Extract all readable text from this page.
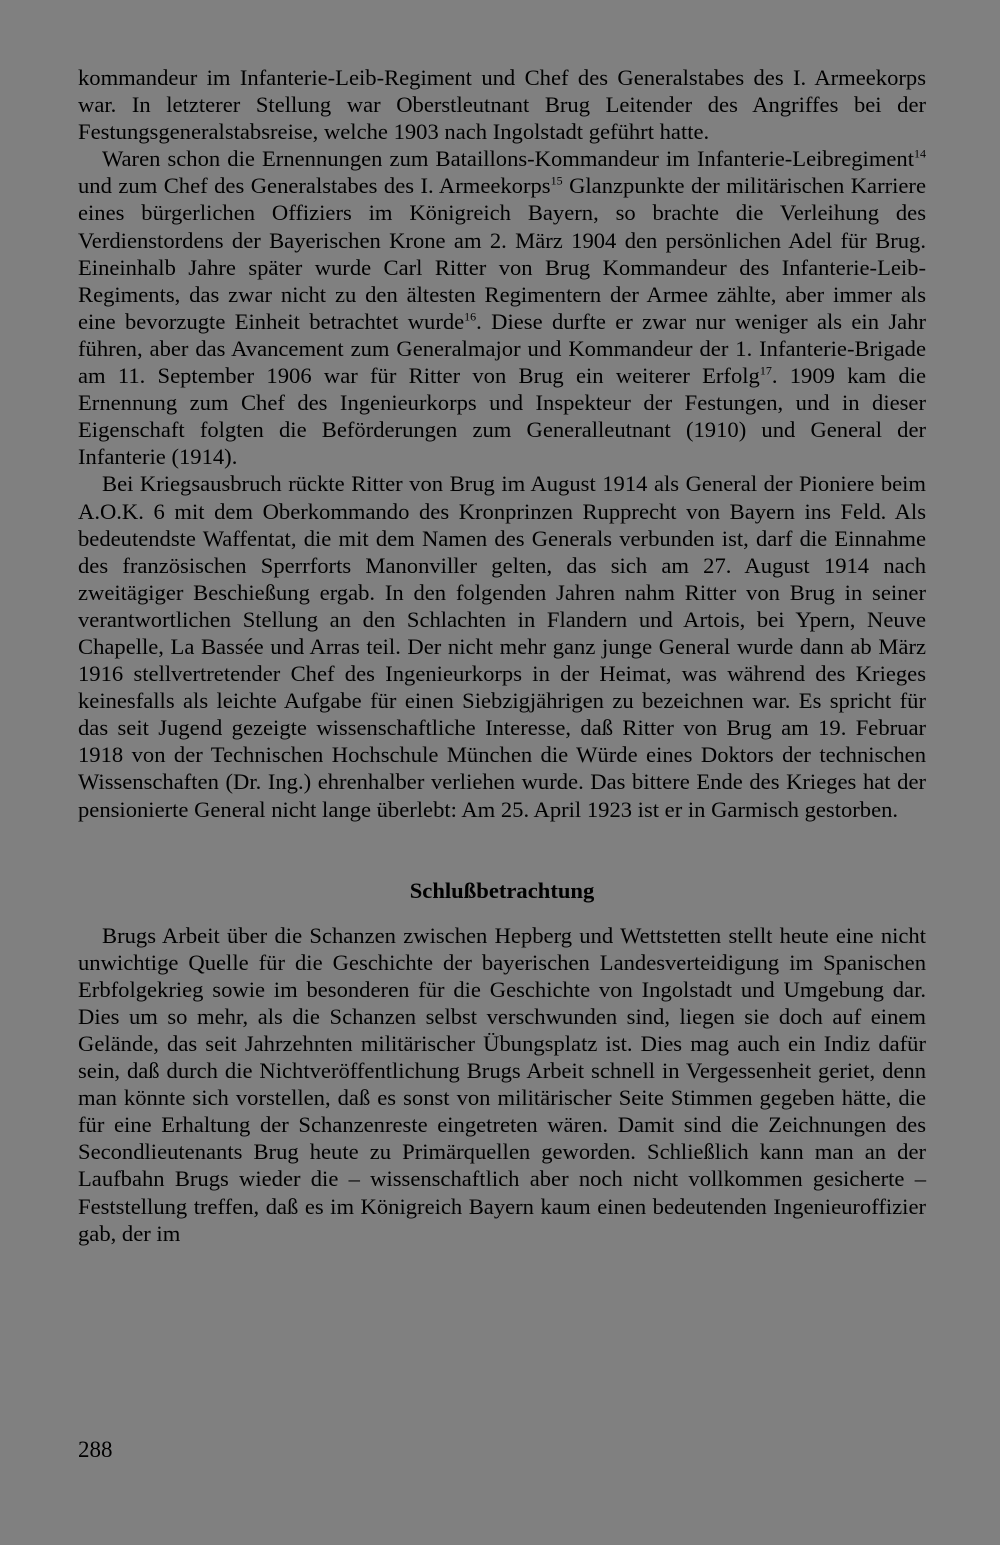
kommandeur im Infanterie-Leib-Regiment und Chef des Generalstabes des I. Armeekorps war. In letzterer Stellung war Oberstleutnant Brug Leitender des Angriffes bei der Festungsgeneralstabsreise, welche 1903 nach Ingolstadt geführt hatte.

Waren schon die Ernennungen zum Bataillons-Kommandeur im Infanterie-Leibregiment$^{14}$ und zum Chef des Generalstabes des I. Armeekorps$^{15}$ Glanzpunkte der militärischen Karriere eines bürgerlichen Offiziers im Königreich Bayern, so brachte die Verleihung des Verdienstordens der Bayerischen Krone am 2. März 1904 den persönlichen Adel für Brug. Eineinhalb Jahre später wurde Carl Ritter von Brug Kommandeur des Infanterie-Leib-Regiments, das zwar nicht zu den ältesten Regimentern der Armee zählte, aber immer als eine bevorzugte Einheit betrachtet wurde$^{16}$. Diese durfte er zwar nur weniger als ein Jahr führen, aber das Avancement zum Generalmajor und Kommandeur der 1. Infanterie-Brigade am 11. September 1906 war für Ritter von Brug ein weiterer Erfolg$^{17}$. 1909 kam die Ernennung zum Chef des Ingenieurkorps und Inspekteur der Festungen, und in dieser Eigenschaft folgten die Beförderungen zum Generalleutnant (1910) und General der Infanterie (1914).

Bei Kriegsausbruch rückte Ritter von Brug im August 1914 als General der Pioniere beim A.O.K. 6 mit dem Oberkommando des Kronprinzen Rupprecht von Bayern ins Feld. Als bedeutendste Waffentat, die mit dem Namen des Generals verbunden ist, darf die Einnahme des französischen Sperrforts Manonviller gelten, das sich am 27. August 1914 nach zweitägiger Beschießung ergab. In den folgenden Jahren nahm Ritter von Brug in seiner verantwortlichen Stellung an den Schlachten in Flandern und Artois, bei Ypern, Neuve Chapelle, La Bassée und Arras teil. Der nicht mehr ganz junge General wurde dann ab März 1916 stellvertretender Chef des Ingenieurkorps in der Heimat, was während des Krieges keinesfalls als leichte Aufgabe für einen Siebzigjährigen zu bezeichnen war. Es spricht für das seit Jugend gezeigte wissenschaftliche Interesse, daß Ritter von Brug am 19. Februar 1918 von der Technischen Hochschule München die Würde eines Doktors der technischen Wissenschaften (Dr. Ing.) ehrenhalber verliehen wurde. Das bittere Ende des Krieges hat der pensionierte General nicht lange überlebt: Am 25. April 1923 ist er in Garmisch gestorben.

Schlußbetrachtung

Brugs Arbeit über die Schanzen zwischen Hepberg und Wettstetten stellt heute eine nicht unwichtige Quelle für die Geschichte der bayerischen Landesverteidigung im Spanischen Erbfolgekrieg sowie im besonderen für die Geschichte von Ingolstadt und Umgebung dar. Dies um so mehr, als die Schanzen selbst verschwunden sind, liegen sie doch auf einem Gelände, das seit Jahrzehnten militärischer Übungsplatz ist. Dies mag auch ein Indiz dafür sein, daß durch die Nichtveröffentlichung Brugs Arbeit schnell in Vergessenheit geriet, denn man könnte sich vorstellen, daß es sonst von militärischer Seite Stimmen gegeben hätte, die für eine Erhaltung der Schanzenreste eingetreten wären. Damit sind die Zeichnungen des Secondlieutenants Brug heute zu Primärquellen geworden. Schließlich kann man an der Laufbahn Brugs wieder die – wissenschaftlich aber noch nicht vollkommen gesicherte – Feststellung treffen, daß es im Königreich Bayern kaum einen bedeutenden Ingenieuroffizier gab, der im

288
